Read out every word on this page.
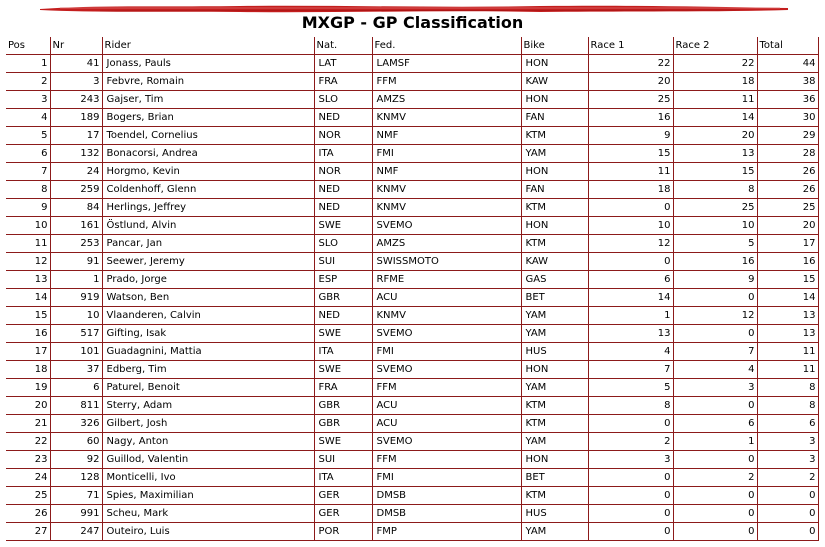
MXGP - GP Classification
Pos	Nr	Rider	Nat.	Fed.	Bike	Race 1	Race 2	Total
1	41	Jonass, Pauls	LAT	LAMSF	HON	22	22	44
2	3	Febvre, Romain	FRA	FFM	KAW	20	18	38
3	243	Gajser, Tim	SLO	AMZS	HON	25	11	36
4	189	Bogers, Brian	NED	KNMV	FAN	16	14	30
5	17	Toendel, Cornelius	NOR	NMF	KTM	9	20	29
6	132	Bonacorsi, Andrea	ITA	FMI	YAM	15	13	28
7	24	Horgmo, Kevin	NOR	NMF	HON	11	15	26
8	259	Coldenhoff, Glenn	NED	KNMV	FAN	18	8	26
9	84	Herlings, Jeffrey	NED	KNMV	KTM	0	25	25
10	161	Östlund, Alvin	SWE	SVEMO	HON	10	10	20
11	253	Pancar, Jan	SLO	AMZS	KTM	12	5	17
12	91	Seewer, Jeremy	SUI	SWISSMOTO	KAW	0	16	16
13	1	Prado, Jorge	ESP	RFME	GAS	6	9	15
14	919	Watson, Ben	GBR	ACU	BET	14	0	14
15	10	Vlaanderen, Calvin	NED	KNMV	YAM	1	12	13
16	517	Gifting, Isak	SWE	SVEMO	YAM	13	0	13
17	101	Guadagnini, Mattia	ITA	FMI	HUS	4	7	11
18	37	Edberg, Tim	SWE	SVEMO	HON	7	4	11
19	6	Paturel, Benoit	FRA	FFM	YAM	5	3	8
20	811	Sterry, Adam	GBR	ACU	KTM	8	0	8
21	326	Gilbert, Josh	GBR	ACU	KTM	0	6	6
22	60	Nagy, Anton	SWE	SVEMO	YAM	2	1	3
23	92	Guillod, Valentin	SUI	FFM	HON	3	0	3
24	128	Monticelli, Ivo	ITA	FMI	BET	0	2	2
25	71	Spies, Maximilian	GER	DMSB	KTM	0	0	0
26	991	Scheu, Mark	GER	DMSB	HUS	0	0	0
27	247	Outeiro, Luis	POR	FMP	YAM	0	0	0
